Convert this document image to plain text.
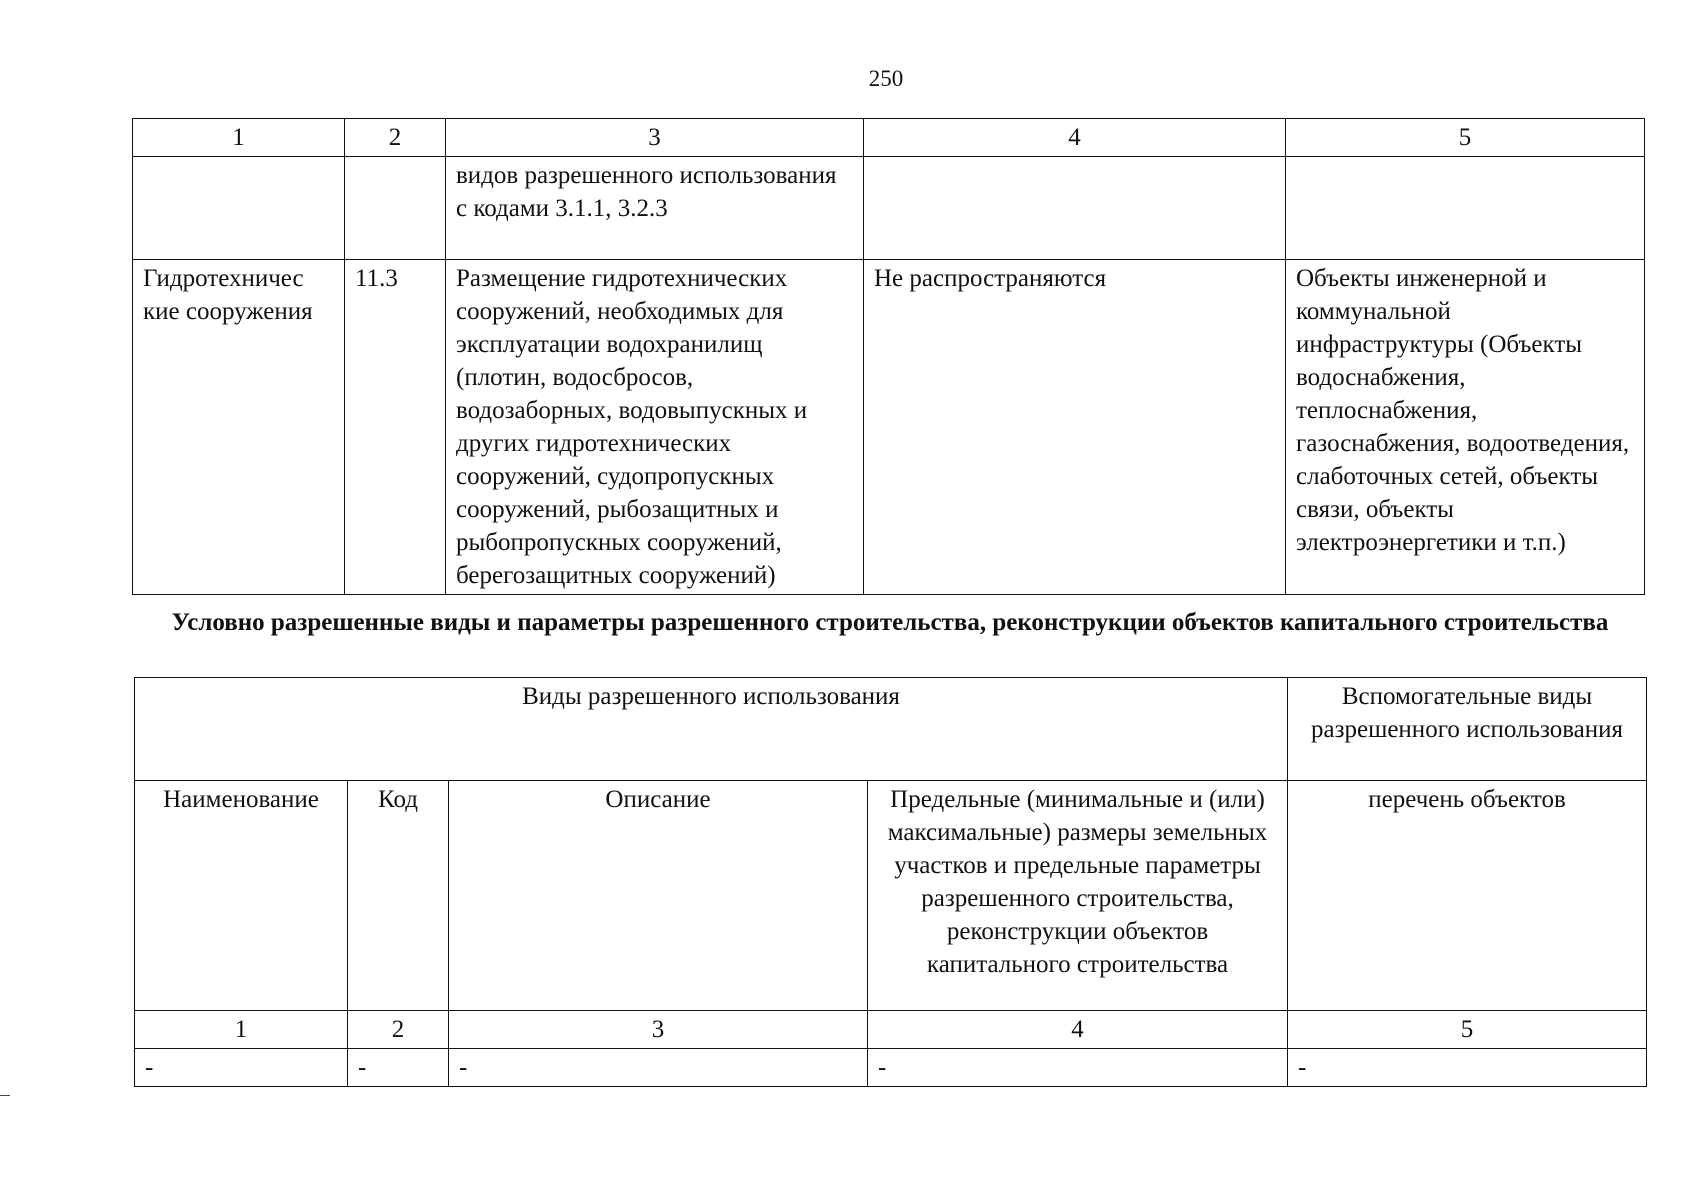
250
1	2	3	4	5
		видов разрешенного использования с кодами 3.1.1, 3.2.3		
Гидротехничес кие сооружения	11.3	Размещение гидротехнических сооружений, необходимых для эксплуатации водохранилищ (плотин, водосбросов, водозаборных, водовыпускных и других гидротехнических сооружений, судопропускных сооружений, рыбозащитных и рыбопропускных сооружений, берегозащитных сооружений)	Не распространяются	Объекты инженерной и коммунальной инфраструктуры (Объекты водоснабжения, теплоснабжения, газоснабжения, водоотведения, слаботочных сетей, объекты связи, объекты электроэнергетики и т.п.)
Условно разрешенные виды и параметры разрешенного строительства, реконструкции объектов капитального строительства
Виды разрешенного использования				Вспомогательные виды разрешенного использования
Наименование	Код	Описание	Предельные (минимальные и (или) максимальные) размеры земельных участков и предельные параметры разрешенного строительства, реконструкции объектов капитального строительства	перечень объектов
1	2	3	4	5
-	-	-	-	-
